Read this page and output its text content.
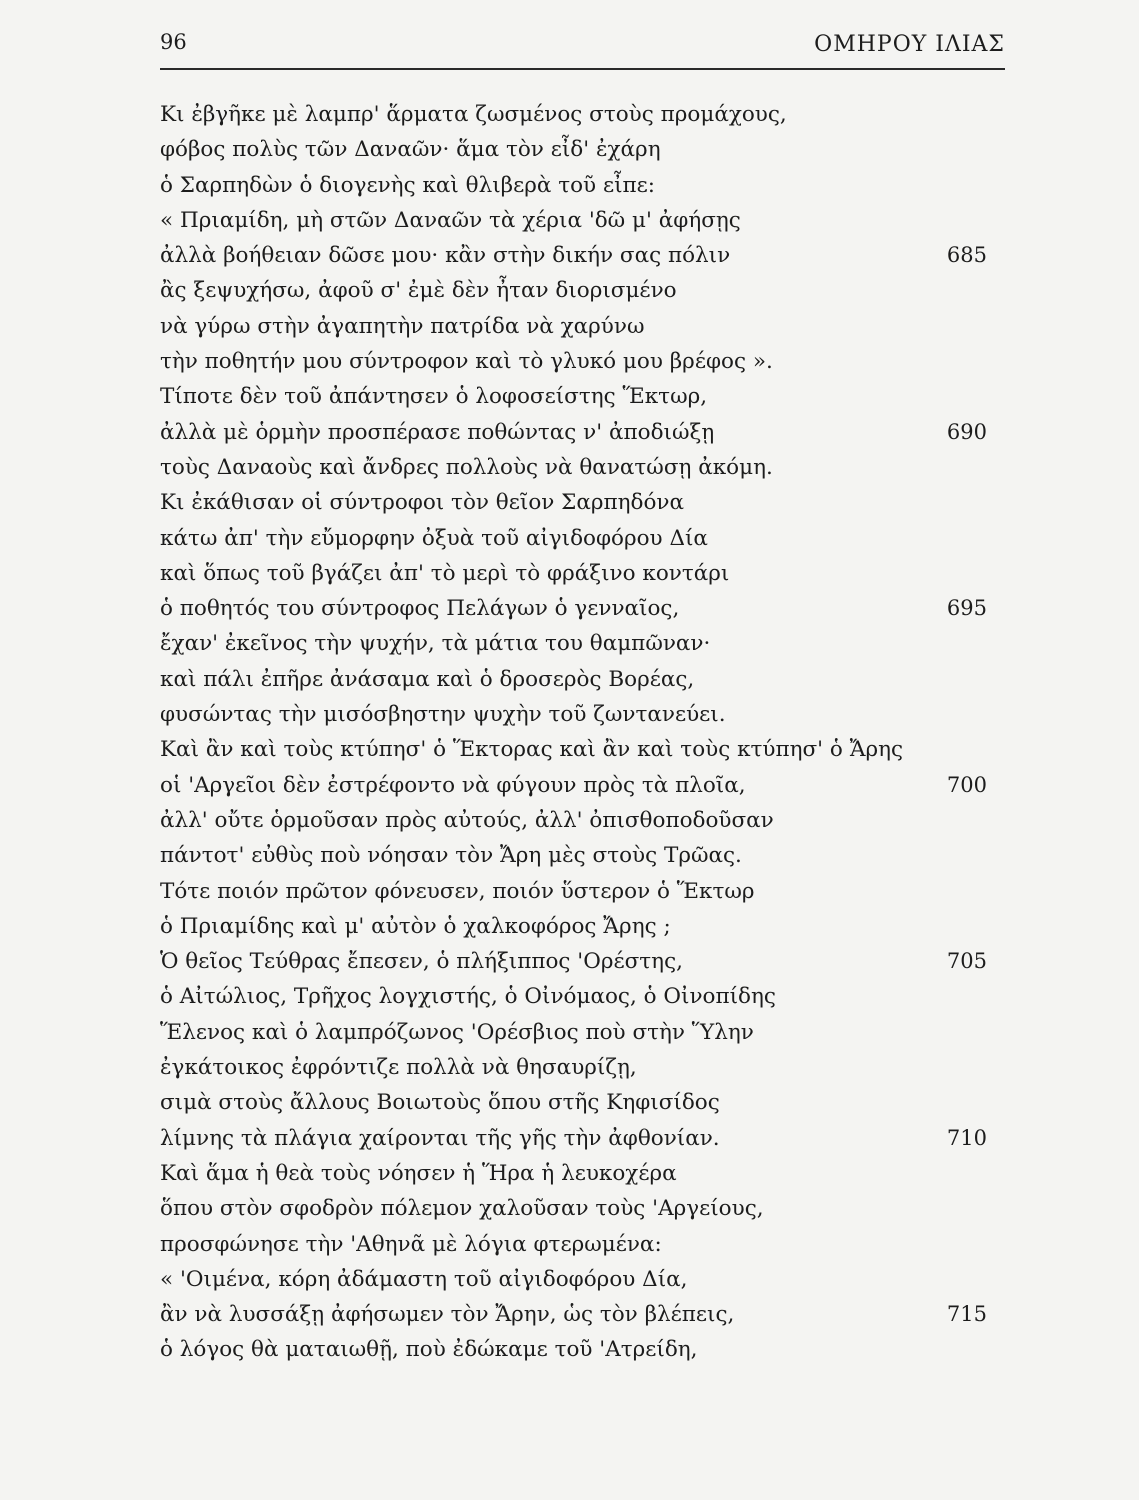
96	ΟΜΗΡΟΥ ΙΛΙΑΣ
Κι ἐβγῆκε μὲ λαμπρ' ἅρματα ζωσμένος στοὺς προμάχους,
φόβος πολὺς τῶν Δαναῶν· ἅμα τὸν εἶδ' ἐχάρη
ὁ Σαρπηδὼν ὁ διογενὴς καὶ θλιβερὰ τοῦ εἶπε:
« Πριαμίδη, μὴ στῶν Δαναῶν τὰ χέρια 'δῶ μ' ἀφήσῃς
ἀλλὰ βοήθειαν δῶσε μου· κἂν στὴν δικήν σας πόλιν	685
ἂς ξεψυχήσω, ἀφοῦ σ' ἐμὲ δὲν ἦταν διορισμένο
νὰ γύρω στὴν ἀγαπητὴν πατρίδα νὰ χαρύνω
τὴν ποθητήν μου σύντροφον καὶ τὸ γλυκό μου βρέφος ».
Τίποτε δὲν τοῦ ἀπάντησεν ὁ λοφοσείστης Ἕκτωρ,
ἀλλὰ μὲ ὁρμὴν προσπέρασε ποθώντας ν' ἀποδιώξῃ	690
τοὺς Δαναοὺς καὶ ἄνδρες πολλοὺς νὰ θανατώσῃ ἀκόμη.
Κι ἐκάθισαν οἱ σύντροφοι τὸν θεῖον Σαρπηδόνα
κάτω ἀπ' τὴν εὔμορφην ὀξυὰ τοῦ αἰγιδοφόρου Δία
καὶ ὅπως τοῦ βγάζει ἀπ' τὸ μερὶ τὸ φράξινο κοντάρι
ὁ ποθητός του σύντροφος Πελάγων ὁ γενναῖος,	695
ἔχαν' ἐκεῖνος τὴν ψυχήν, τὰ μάτια του θαμπῶναν·
καὶ πάλι ἐπῆρε ἀνάσαμα καὶ ὁ δροσερὸς Βορέας,
φυσώντας τὴν μισόσβηστην ψυχὴν τοῦ ζωντανεύει.
Καὶ ἂν καὶ τοὺς κτύπησ' ὁ Ἕκτορας καὶ ἂν καὶ τοὺς κτύπησ' ὁ Ἄρης
οἱ 'Αργεῖοι δὲν ἐστρέφοντο νὰ φύγουν πρὸς τὰ πλοῖα,	700
ἀλλ' οὔτε ὁρμοῦσαν πρὸς αὐτούς, ἀλλ' ὀπισθοποδοῦσαν
πάντοτ' εὐθὺς ποὺ νόησαν τὸν Ἄρη μὲς στοὺς Τρῶας.
Τότε ποιόν πρῶτον φόνευσεν, ποιόν ὕστερον ὁ Ἕκτωρ
ὁ Πριαμίδης καὶ μ' αὐτὸν ὁ χαλκοφόρος Ἄρης ;
Ὁ θεῖος Τεύθρας ἔπεσεν, ὁ πλήξιππος 'Ορέστης,	705
ὁ Αἰτώλιος, Τρῆχος λογχιστής, ὁ Οἰνόμαος, ὁ Οἰνοπίδης
Ἕλενος καὶ ὁ λαμπρόζωνος 'Ορέσβιος ποὺ στὴν Ὕλην
ἐγκάτοικος ἐφρόντιζε πολλὰ νὰ θησαυρίζῃ,
σιμὰ στοὺς ἄλλους Βοιωτοὺς ὅπου στῆς Κηφισίδος
λίμνης τὰ πλάγια χαίρονται τῆς γῆς τὴν ἀφθονίαν.	710
Καὶ ἅμα ἡ θεὰ τοὺς νόησεν ἡ Ἥρα ἡ λευκοχέρα
ὅπου στὸν σφοδρὸν πόλεμον χαλοῦσαν τοὺς 'Αργείους,
προσφώνησε τὴν 'Αθηνᾶ μὲ λόγια φτερωμένα:
« 'Οιμένα, κόρη ἀδάμαστη τοῦ αἰγιδοφόρου Δία,
ἂν νὰ λυσσάξῃ ἀφήσωμεν τὸν Ἄρην, ὡς τὸν βλέπεις,	715
ὁ λόγος θὰ ματαιωθῇ, ποὺ ἐδώκαμε τοῦ 'Ατρείδη,
